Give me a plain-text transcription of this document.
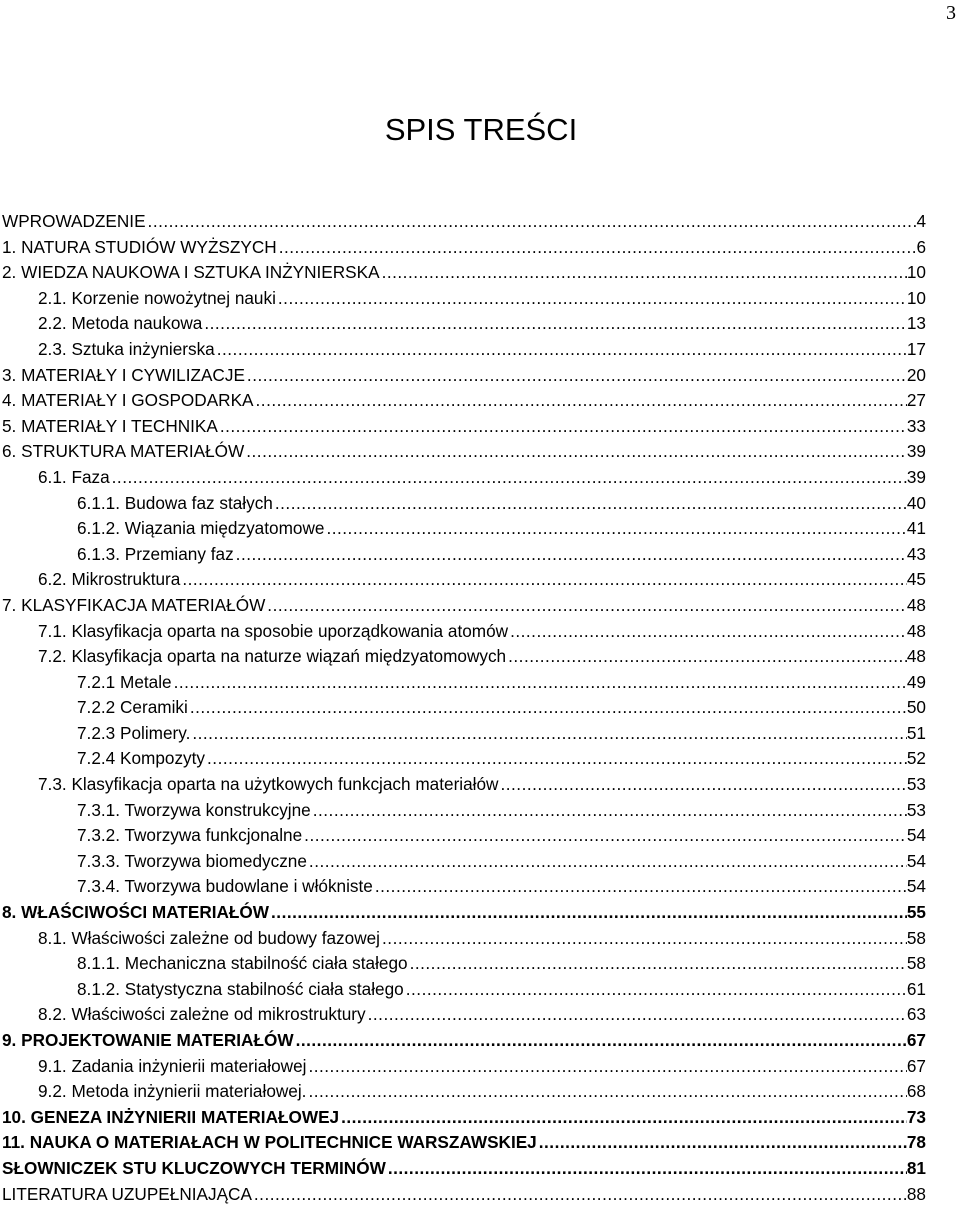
3
SPIS TREŚCI
WPROWADZENIE .....	4
1. NATURA STUDIÓW WYŻSZYCH .....	6
2. WIEDZA NAUKOWA I SZTUKA INŻYNIERSKA .....	10
2.1. Korzenie nowożytnej nauki .....	10
2.2. Metoda naukowa .....	13
2.3. Sztuka inżynierska .....	17
3. MATERIAŁY I CYWILIZACJE .....	20
4. MATERIAŁY I GOSPODARKA .....	27
5. MATERIAŁY I TECHNIKA .....	33
6. STRUKTURA MATERIAŁÓW .....	39
6.1. Faza .....	39
6.1.1. Budowa faz stałych .....	40
6.1.2. Wiązania międzyatomowe .....	41
6.1.3. Przemiany faz .....	43
6.2. Mikrostruktura .....	45
7. KLASYFIKACJA MATERIAŁÓW .....	48
7.1. Klasyfikacja oparta na sposobie uporządkowania atomów .....	48
7.2. Klasyfikacja oparta na naturze wiązań międzyatomowych .....	48
7.2.1 Metale .....	49
7.2.2 Ceramiki .....	50
7.2.3 Polimery. .....	51
7.2.4 Kompozyty .....	52
7.3. Klasyfikacja oparta na użytkowych funkcjach materiałów .....	53
7.3.1. Tworzywa konstrukcyjne .....	53
7.3.2. Tworzywa funkcjonalne .....	54
7.3.3. Tworzywa biomedyczne .....	54
7.3.4. Tworzywa budowlane i włókniste .....	54
8. WŁAŚCIWOŚCI MATERIAŁÓW .....	55
8.1. Właściwości zależne od budowy fazowej .....	58
8.1.1. Mechaniczna stabilność ciała stałego .....	58
8.1.2. Statystyczna stabilność ciała stałego .....	61
8.2. Właściwości zależne od mikrostruktury .....	63
9. PROJEKTOWANIE MATERIAŁÓW .....	67
9.1. Zadania inżynierii materiałowej .....	67
9.2. Metoda inżynierii materiałowej. .....	68
10. GENEZA INŻYNIERII MATERIAŁOWEJ .....	73
11. NAUKA O MATERIAŁACH W POLITECHNICE WARSZAWSKIEJ .....	78
SŁOWNICZEK STU KLUCZOWYCH TERMINÓW .....	81
LITERATURA UZUPEŁNIAJĄCA .....	88
